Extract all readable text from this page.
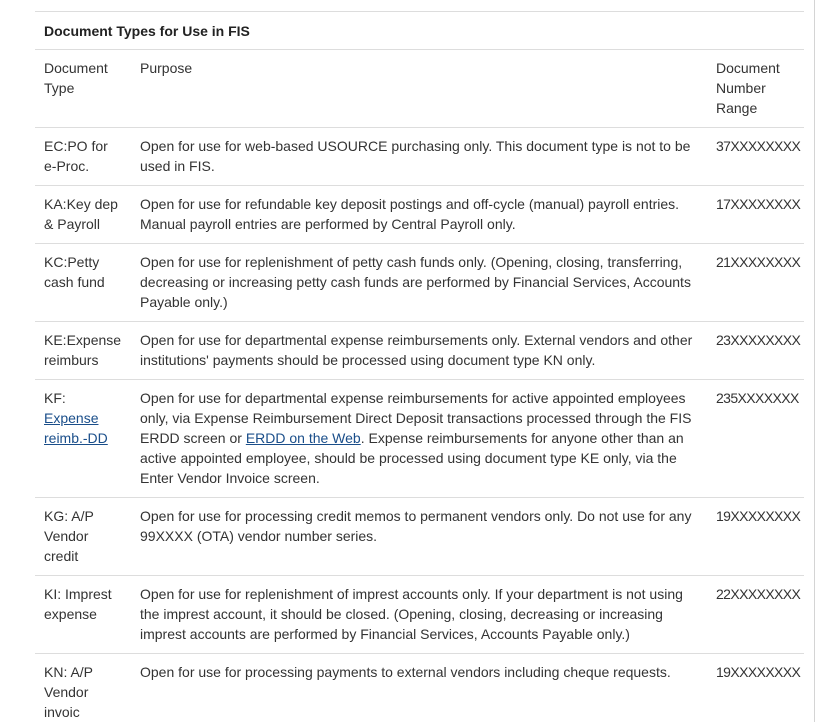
Document Types for Use in FIS		
Document Type	Purpose	Document Number Range
EC:PO for e-Proc.	Open for use for web-based USOURCE purchasing only. This document type is not to be used in FIS.	37XXXXXXXX
KA:Key dep & Payroll	Open for use for refundable key deposit postings and off-cycle (manual) payroll entries. Manual payroll entries are performed by Central Payroll only.	17XXXXXXXX
KC:Petty cash fund	Open for use for replenishment of petty cash funds only. (Opening, closing, transferring, decreasing or increasing petty cash funds are performed by Financial Services, Accounts Payable only.)	21XXXXXXXX
KE:Expense reimburs	Open for use for departmental expense reimbursements only. External vendors and other institutions' payments should be processed using document type KN only.	23XXXXXXXX
KF: Expense reimb.-DD	Open for use for departmental expense reimbursements for active appointed employees only, via Expense Reimbursement Direct Deposit transactions processed through the FIS ERDD screen or ERDD on the Web. Expense reimbursements for anyone other than an active appointed employee, should be processed using document type KE only, via the Enter Vendor Invoice screen.	235XXXXXXX
KG: A/P Vendor credit	Open for use for processing credit memos to permanent vendors only. Do not use for any 99XXXX (OTA) vendor number series.	19XXXXXXXX
KI: Imprest expense	Open for use for replenishment of imprest accounts only. If your department is not using the imprest account, it should be closed. (Opening, closing, decreasing or increasing imprest accounts are performed by Financial Services, Accounts Payable only.)	22XXXXXXXX
KN: A/P Vendor invoic	Open for use for processing payments to external vendors including cheque requests.	19XXXXXXXX
